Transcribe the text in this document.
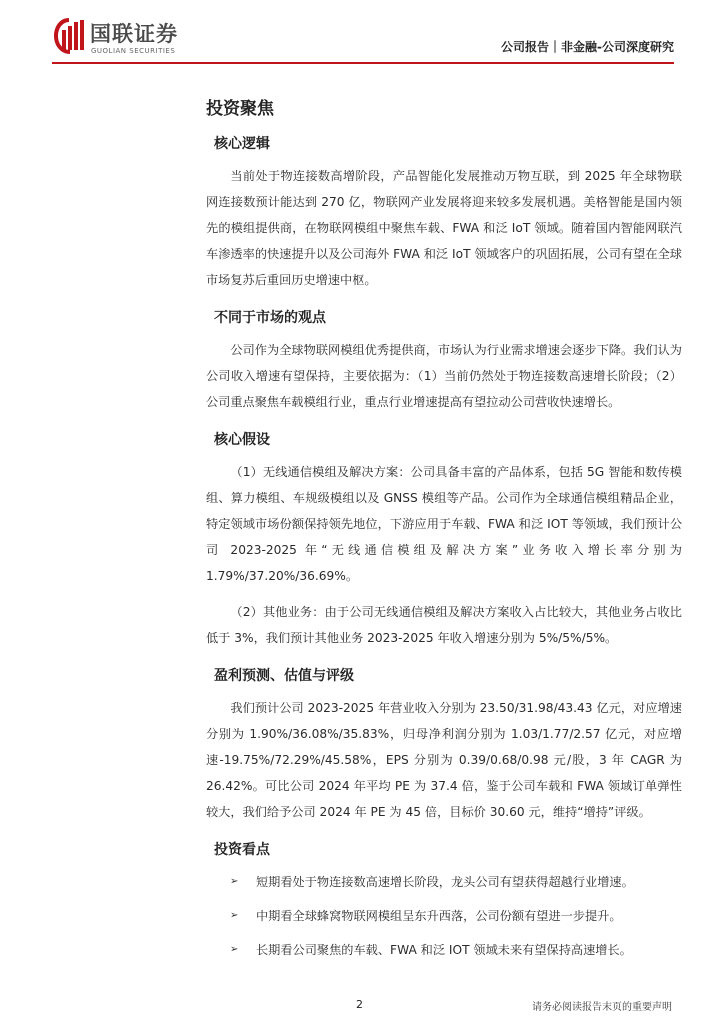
国联证券
GUOLIAN SECURITIES	公司报告｜非金融-公司深度研究
投资聚焦
核心逻辑

当前处于物连接数高增阶段，产品智能化发展推动万物互联，到 2025 年全球物联网连接数预计能达到 270 亿，物联网产业发展将迎来较多发展机遇。美格智能是国内领先的模组提供商，在物联网模组中聚焦车载、FWA 和泛 IoT 领域。随着国内智能网联汽车渗透率的快速提升以及公司海外 FWA 和泛 IoT 领域客户的巩固拓展，公司有望在全球市场复苏后重回历史增速中枢。

不同于市场的观点

公司作为全球物联网模组优秀提供商，市场认为行业需求增速会逐步下降。我们认为公司收入增速有望保持，主要依据为：（1）当前仍然处于物连接数高速增长阶段；（2）公司重点聚焦车载模组行业，重点行业增速提高有望拉动公司营收快速增长。

核心假设

（1）无线通信模组及解决方案：公司具备丰富的产品体系，包括 5G 智能和数传模组、算力模组、车规级模组以及 GNSS 模组等产品。公司作为全球通信模组精品企业，特定领域市场份额保持领先地位，下游应用于车载、FWA 和泛 IOT 等领域，我们预计公司 2023-2025 年“无线通信模组及解决方案”业务收入增长率分别为 1.79%/37.20%/36.69%。

（2）其他业务：由于公司无线通信模组及解决方案收入占比较大，其他业务占收比低于 3%，我们预计其他业务 2023-2025 年收入增速分别为 5%/5%/5%。

盈利预测、估值与评级

我们预计公司 2023-2025 年营业收入分别为 23.50/31.98/43.43 亿元，对应增速分别为 1.90%/36.08%/35.83%，归母净利润分别为 1.03/1.77/2.57 亿元，对应增速-19.75%/72.29%/45.58%，EPS 分别为 0.39/0.68/0.98 元/股，3 年 CAGR 为 26.42%。可比公司 2024 年平均 PE 为 37.4 倍，鉴于公司车载和 FWA 领域订单弹性较大，我们给予公司 2024 年 PE 为 45 倍，目标价 30.60 元，维持“增持”评级。

投资看点
➢ 短期看处于物连接数高速增长阶段，龙头公司有望获得超越行业增速。
➢ 中期看全球蜂窝物联网模组呈东升西落，公司份额有望进一步提升。
➢ 长期看公司聚焦的车载、FWA 和泛 IOT 领域未来有望保持高速增长。
2	请务必阅读报告末页的重要声明
